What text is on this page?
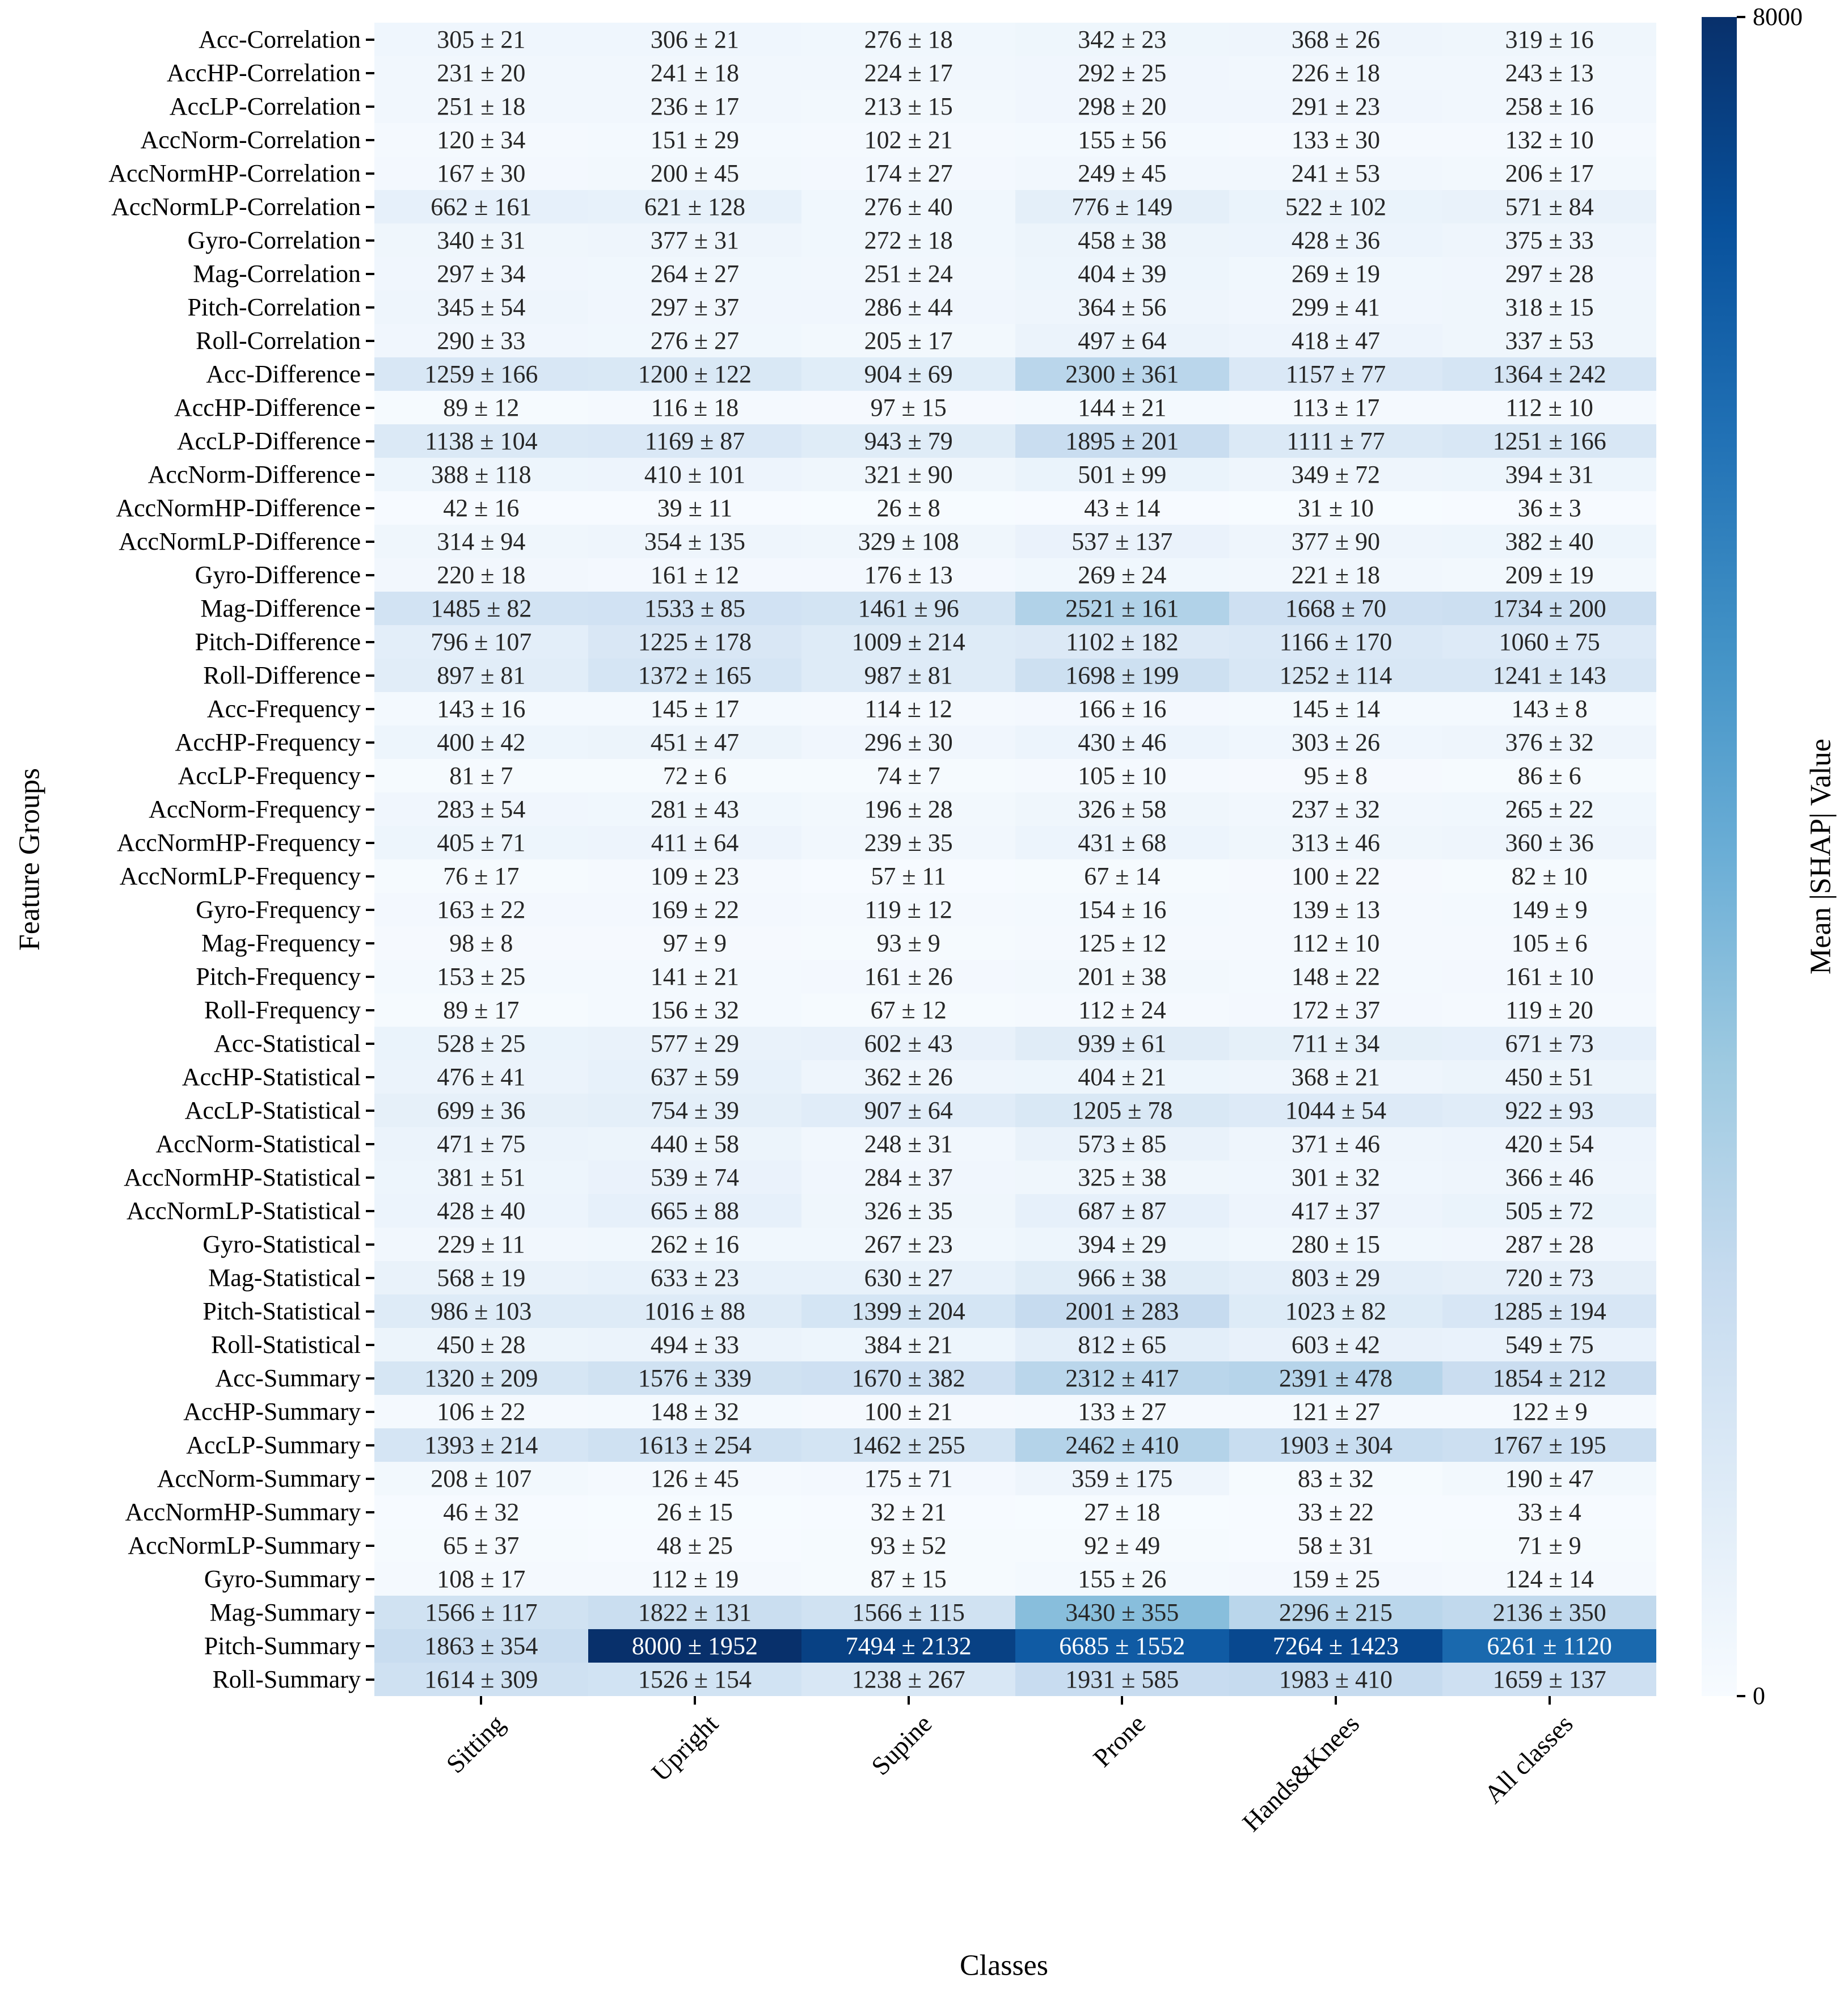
Acc-Correlation	305 ± 21	306 ± 21	276 ± 18	342 ± 23	368 ± 26	319 ± 16
AccHP-Correlation	231 ± 20	241 ± 18	224 ± 17	292 ± 25	226 ± 18	243 ± 13
AccLP-Correlation	251 ± 18	236 ± 17	213 ± 15	298 ± 20	291 ± 23	258 ± 16
AccNorm-Correlation	120 ± 34	151 ± 29	102 ± 21	155 ± 56	133 ± 30	132 ± 10
AccNormHP-Correlation	167 ± 30	200 ± 45	174 ± 27	249 ± 45	241 ± 53	206 ± 17
AccNormLP-Correlation	662 ± 161	621 ± 128	276 ± 40	776 ± 149	522 ± 102	571 ± 84
Gyro-Correlation	340 ± 31	377 ± 31	272 ± 18	458 ± 38	428 ± 36	375 ± 33
Mag-Correlation	297 ± 34	264 ± 27	251 ± 24	404 ± 39	269 ± 19	297 ± 28
Pitch-Correlation	345 ± 54	297 ± 37	286 ± 44	364 ± 56	299 ± 41	318 ± 15
Roll-Correlation	290 ± 33	276 ± 27	205 ± 17	497 ± 64	418 ± 47	337 ± 53
Acc-Difference	1259 ± 166	1200 ± 122	904 ± 69	2300 ± 361	1157 ± 77	1364 ± 242
AccHP-Difference	89 ± 12	116 ± 18	97 ± 15	144 ± 21	113 ± 17	112 ± 10
AccLP-Difference	1138 ± 104	1169 ± 87	943 ± 79	1895 ± 201	1111 ± 77	1251 ± 166
AccNorm-Difference	388 ± 118	410 ± 101	321 ± 90	501 ± 99	349 ± 72	394 ± 31
AccNormHP-Difference	42 ± 16	39 ± 11	26 ± 8	43 ± 14	31 ± 10	36 ± 3
AccNormLP-Difference	314 ± 94	354 ± 135	329 ± 108	537 ± 137	377 ± 90	382 ± 40
Gyro-Difference	220 ± 18	161 ± 12	176 ± 13	269 ± 24	221 ± 18	209 ± 19
Mag-Difference	1485 ± 82	1533 ± 85	1461 ± 96	2521 ± 161	1668 ± 70	1734 ± 200
Pitch-Difference	796 ± 107	1225 ± 178	1009 ± 214	1102 ± 182	1166 ± 170	1060 ± 75
Roll-Difference	897 ± 81	1372 ± 165	987 ± 81	1698 ± 199	1252 ± 114	1241 ± 143
Acc-Frequency	143 ± 16	145 ± 17	114 ± 12	166 ± 16	145 ± 14	143 ± 8
AccHP-Frequency	400 ± 42	451 ± 47	296 ± 30	430 ± 46	303 ± 26	376 ± 32
AccLP-Frequency	81 ± 7	72 ± 6	74 ± 7	105 ± 10	95 ± 8	86 ± 6
AccNorm-Frequency	283 ± 54	281 ± 43	196 ± 28	326 ± 58	237 ± 32	265 ± 22
AccNormHP-Frequency	405 ± 71	411 ± 64	239 ± 35	431 ± 68	313 ± 46	360 ± 36
AccNormLP-Frequency	76 ± 17	109 ± 23	57 ± 11	67 ± 14	100 ± 22	82 ± 10
Gyro-Frequency	163 ± 22	169 ± 22	119 ± 12	154 ± 16	139 ± 13	149 ± 9
Mag-Frequency	98 ± 8	97 ± 9	93 ± 9	125 ± 12	112 ± 10	105 ± 6
Pitch-Frequency	153 ± 25	141 ± 21	161 ± 26	201 ± 38	148 ± 22	161 ± 10
Roll-Frequency	89 ± 17	156 ± 32	67 ± 12	112 ± 24	172 ± 37	119 ± 20
Acc-Statistical	528 ± 25	577 ± 29	602 ± 43	939 ± 61	711 ± 34	671 ± 73
AccHP-Statistical	476 ± 41	637 ± 59	362 ± 26	404 ± 21	368 ± 21	450 ± 51
AccLP-Statistical	699 ± 36	754 ± 39	907 ± 64	1205 ± 78	1044 ± 54	922 ± 93
AccNorm-Statistical	471 ± 75	440 ± 58	248 ± 31	573 ± 85	371 ± 46	420 ± 54
AccNormHP-Statistical	381 ± 51	539 ± 74	284 ± 37	325 ± 38	301 ± 32	366 ± 46
AccNormLP-Statistical	428 ± 40	665 ± 88	326 ± 35	687 ± 87	417 ± 37	505 ± 72
Gyro-Statistical	229 ± 11	262 ± 16	267 ± 23	394 ± 29	280 ± 15	287 ± 28
Mag-Statistical	568 ± 19	633 ± 23	630 ± 27	966 ± 38	803 ± 29	720 ± 73
Pitch-Statistical	986 ± 103	1016 ± 88	1399 ± 204	2001 ± 283	1023 ± 82	1285 ± 194
Roll-Statistical	450 ± 28	494 ± 33	384 ± 21	812 ± 65	603 ± 42	549 ± 75
Acc-Summary	1320 ± 209	1576 ± 339	1670 ± 382	2312 ± 417	2391 ± 478	1854 ± 212
AccHP-Summary	106 ± 22	148 ± 32	100 ± 21	133 ± 27	121 ± 27	122 ± 9
AccLP-Summary	1393 ± 214	1613 ± 254	1462 ± 255	2462 ± 410	1903 ± 304	1767 ± 195
AccNorm-Summary	208 ± 107	126 ± 45	175 ± 71	359 ± 175	83 ± 32	190 ± 47
AccNormHP-Summary	46 ± 32	26 ± 15	32 ± 21	27 ± 18	33 ± 22	33 ± 4
AccNormLP-Summary	65 ± 37	48 ± 25	93 ± 52	92 ± 49	58 ± 31	71 ± 9
Gyro-Summary	108 ± 17	112 ± 19	87 ± 15	155 ± 26	159 ± 25	124 ± 14
Mag-Summary	1566 ± 117	1822 ± 131	1566 ± 115	3430 ± 355	2296 ± 215	2136 ± 350
Pitch-Summary	1863 ± 354	8000 ± 1952	7494 ± 2132	6685 ± 1552	7264 ± 1423	6261 ± 1120
Roll-Summary	1614 ± 309	1526 ± 154	1238 ± 267	1931 ± 585	1983 ± 410	1659 ± 137
Sitting	Upright	Supine	Prone	Hands&Knees	All classes
Classes
Feature Groups
8000
0
Mean |SHAP| Value
